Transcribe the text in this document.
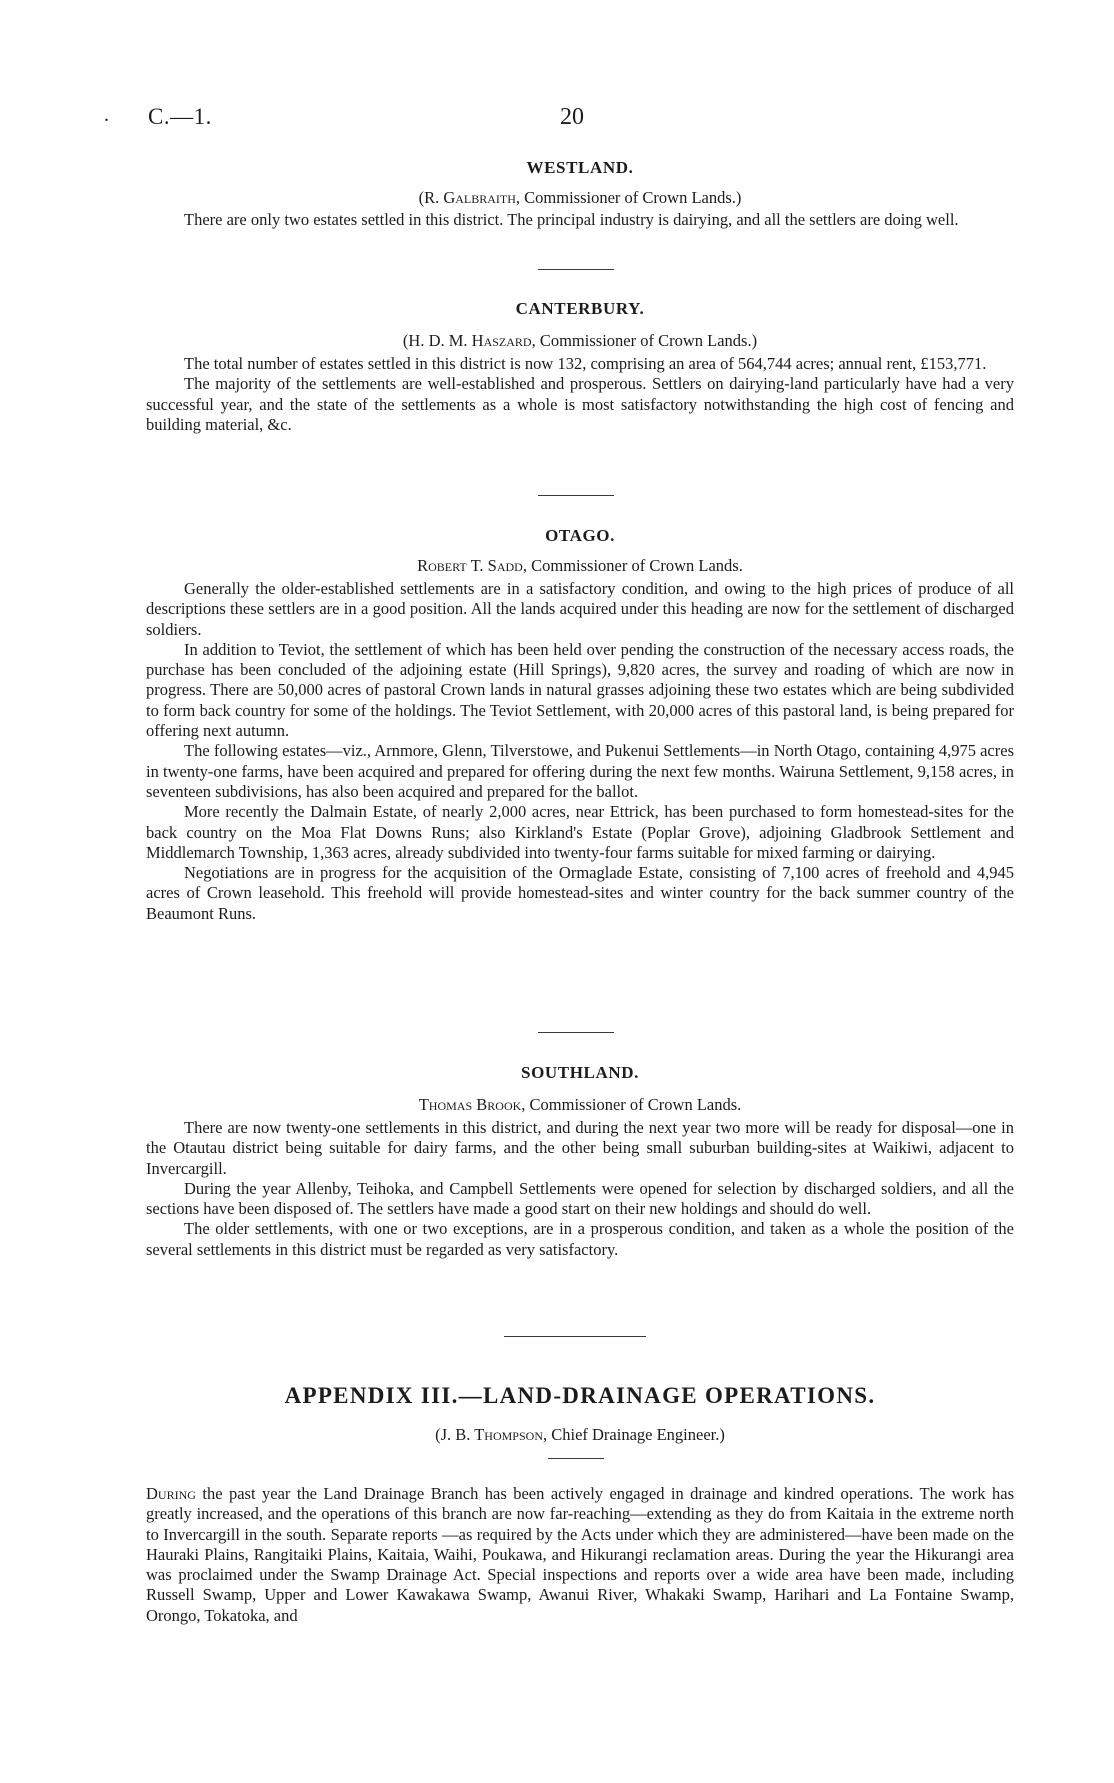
. C.—1.	20
WESTLAND.
(R. Galbraith, Commissioner of Crown Lands.)

There are only two estates settled in this district. The principal industry is dairying, and all the settlers are doing well.

CANTERBURY.
(H. D. M. Haszard, Commissioner of Crown Lands.)

The total number of estates settled in this district is now 132, comprising an area of 564,744 acres; annual rent, £153,771.

The majority of the settlements are well-established and prosperous. Settlers on dairying-land particularly have had a very successful year, and the state of the settlements as a whole is most satisfactory notwithstanding the high cost of fencing and building material, &c.

OTAGO.
Robert T. Sadd, Commissioner of Crown Lands.

Generally the older-established settlements are in a satisfactory condition, and owing to the high prices of produce of all descriptions these settlers are in a good position. All the lands acquired under this heading are now for the settlement of discharged soldiers.

In addition to Teviot, the settlement of which has been held over pending the construction of the necessary access roads, the purchase has been concluded of the adjoining estate (Hill Springs), 9,820 acres, the survey and roading of which are now in progress. There are 50,000 acres of pastoral Crown lands in natural grasses adjoining these two estates which are being subdivided to form back country for some of the holdings. The Teviot Settlement, with 20,000 acres of this pastoral land, is being prepared for offering next autumn.

The following estates—viz., Arnmore, Glenn, Tilverstowe, and Pukenui Settlements—in North Otago, containing 4,975 acres in twenty-one farms, have been acquired and prepared for offering during the next few months. Wairuna Settlement, 9,158 acres, in seventeen subdivisions, has also been acquired and prepared for the ballot.

More recently the Dalmain Estate, of nearly 2,000 acres, near Ettrick, has been purchased to form homestead-sites for the back country on the Moa Flat Downs Runs; also Kirkland's Estate (Poplar Grove), adjoining Gladbrook Settlement and Middlemarch Township, 1,363 acres, already subdivided into twenty-four farms suitable for mixed farming or dairying.

Negotiations are in progress for the acquisition of the Ormaglade Estate, consisting of 7,100 acres of freehold and 4,945 acres of Crown leasehold. This freehold will provide homestead-sites and winter country for the back summer country of the Beaumont Runs.

SOUTHLAND.
Thomas Brook, Commissioner of Crown Lands.

There are now twenty-one settlements in this district, and during the next year two more will be ready for disposal—one in the Otautau district being suitable for dairy farms, and the other being small suburban building-sites at Waikiwi, adjacent to Invercargill.

During the year Allenby, Teihoka, and Campbell Settlements were opened for selection by discharged soldiers, and all the sections have been disposed of. The settlers have made a good start on their new holdings and should do well.

The older settlements, with one or two exceptions, are in a prosperous condition, and taken as a whole the position of the several settlements in this district must be regarded as very satisfactory.

APPENDIX III.—LAND-DRAINAGE OPERATIONS.
(J. B. Thompson, Chief Drainage Engineer.)

During the past year the Land Drainage Branch has been actively engaged in drainage and kindred operations. The work has greatly increased, and the operations of this branch are now far-reaching—extending as they do from Kaitaia in the extreme north to Invercargill in the south. Separate reports —as required by the Acts under which they are administered—have been made on the Hauraki Plains, Rangitaiki Plains, Kaitaia, Waihi, Poukawa, and Hikurangi reclamation areas. During the year the Hikurangi area was proclaimed under the Swamp Drainage Act. Special inspections and reports over a wide area have been made, including Russell Swamp, Upper and Lower Kawakawa Swamp, Awanui River, Whakaki Swamp, Harihari and La Fontaine Swamp, Orongo, Tokatoka, and
